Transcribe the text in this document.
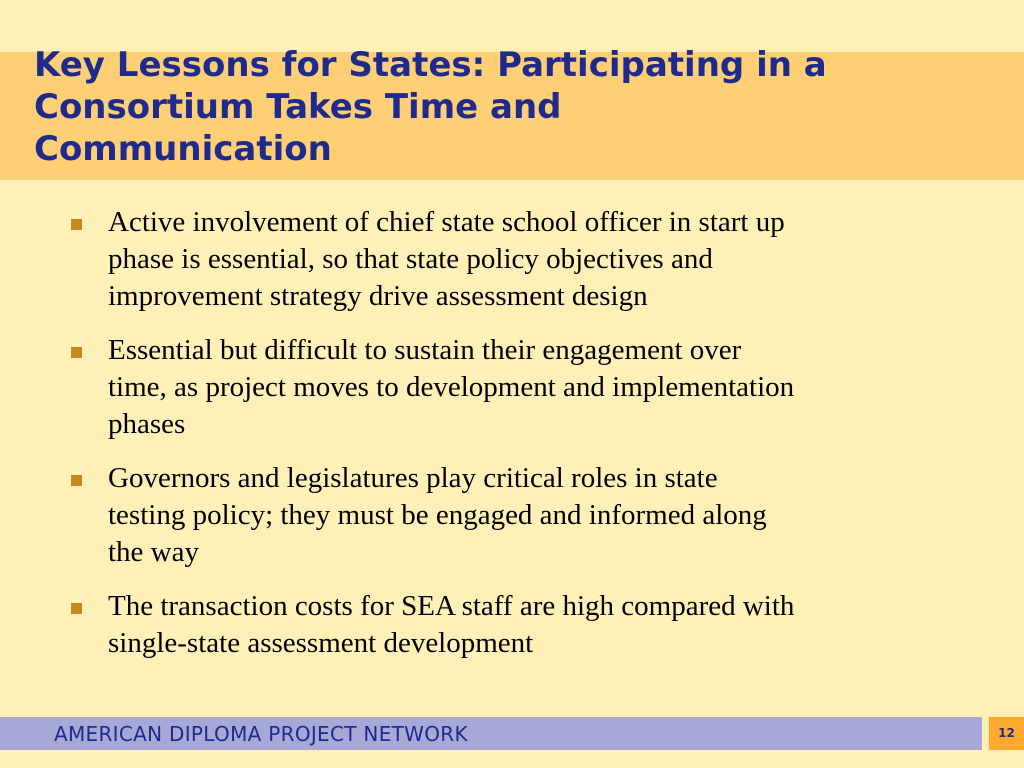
Key Lessons for States: Participating in a
Consortium Takes Time and
Communication
Active involvement of chief state school officer in start up
phase is essential, so that state policy objectives and
improvement strategy drive assessment design
Essential but difficult to sustain their engagement over
time, as project moves to development and implementation
phases
Governors and legislatures play critical roles in state
testing policy; they must be engaged and informed along
the way
The transaction costs for SEA staff are high compared with
single-state assessment development
AMERICAN DIPLOMA PROJECT NETWORK	12
